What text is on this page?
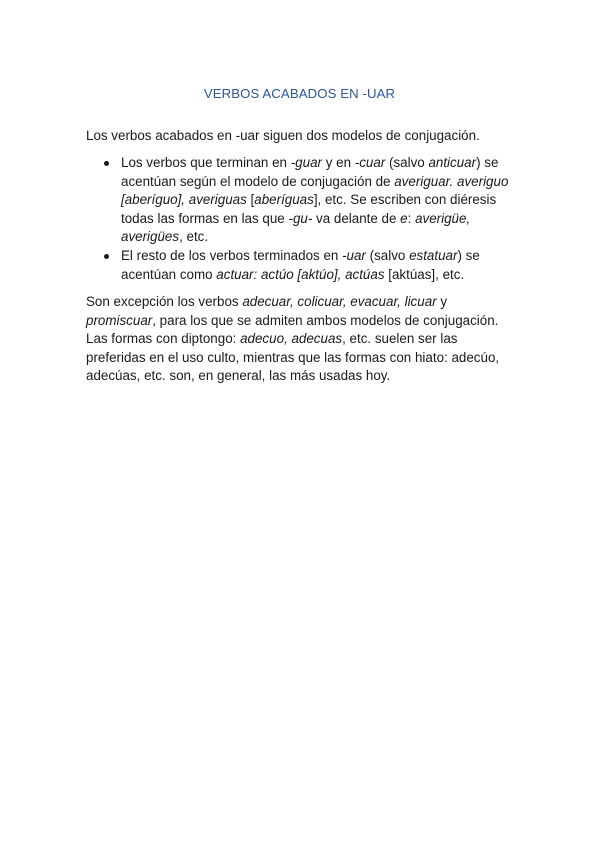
VERBOS ACABADOS EN -UAR

Los verbos acabados en -uar siguen dos modelos de conjugación.

Los verbos que terminan en -guar y en -cuar (salvo anticuar) se acentúan según el modelo de conjugación de averiguar. averiguo [aberíguo], averiguas [aberíguas], etc. Se escriben con diéresis todas las formas en las que -gu- va delante de e: averigüe, averigües, etc.
El resto de los verbos terminados en -uar (salvo estatuar) se acentúan como actuar: actúo [aktúo], actúas [aktúas], etc.

Son excepción los verbos adecuar, colicuar, evacuar, licuar y promiscuar, para los que se admiten ambos modelos de conjugación. Las formas con diptongo: adecuo, adecuas, etc. suelen ser las preferidas en el uso culto, mientras que las formas con hiato: adecúo, adecúas, etc. son, en general, las más usadas hoy.
